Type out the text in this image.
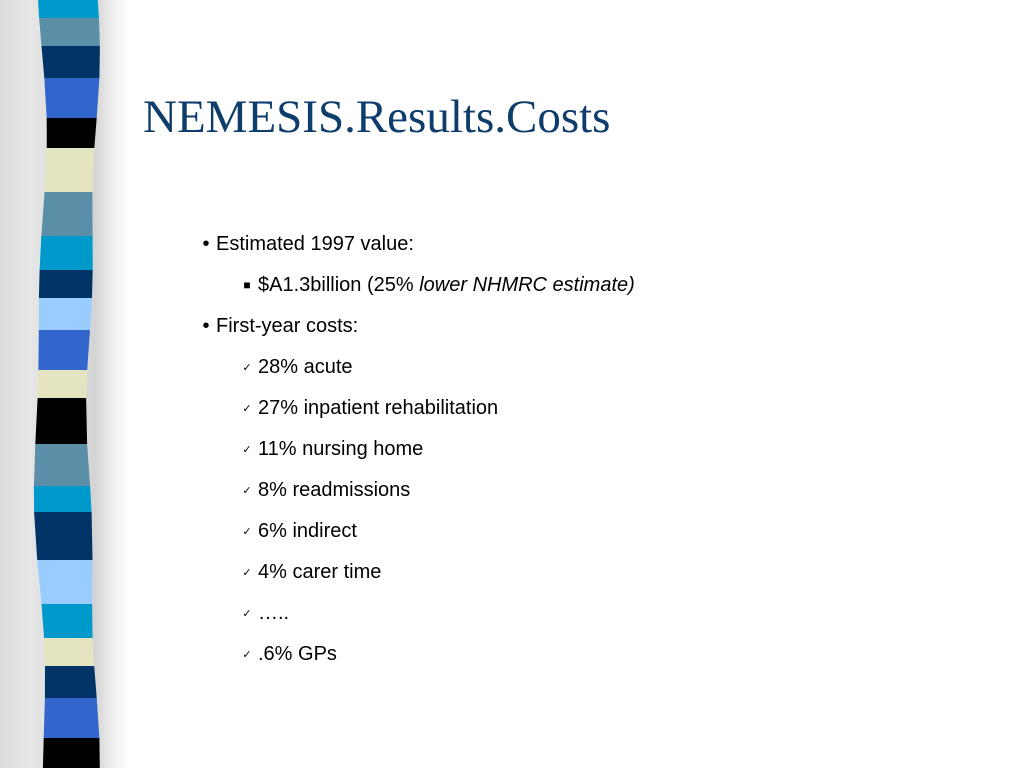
NEMESIS.Results.Costs
• Estimated 1997 value:
■ $A1.3billion (25% lower NHMRC estimate)
• First-year costs:
✓ 28% acute
✓ 27% inpatient rehabilitation
✓ 11% nursing home
✓ 8% readmissions
✓ 6% indirect
✓ 4% carer time
✓ …..
✓ .6% GPs
